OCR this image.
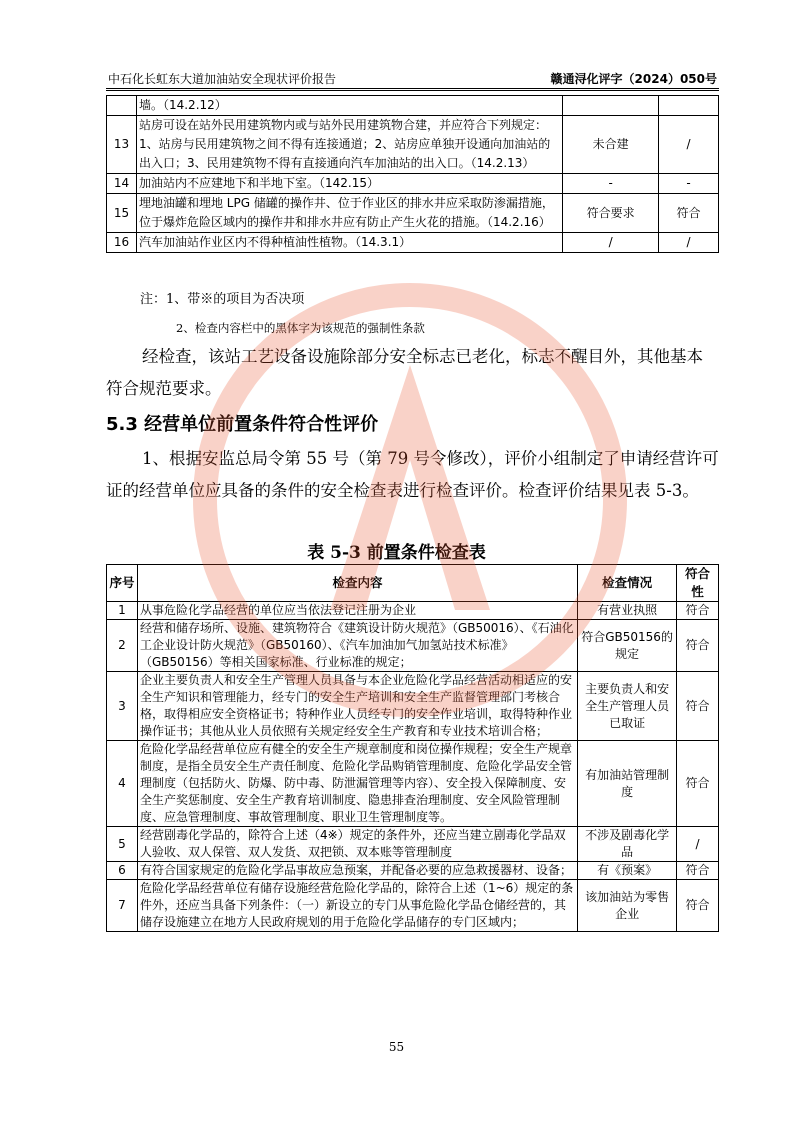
中石化长虹东大道加油站安全现状评价报告	赣通浔化评字（2024）050号
	墙。（14.2.12）		
13	站房可设在站外民用建筑物内或与站外民用建筑物合建，并应符合下列规定：1、站房与民用建筑物之间不得有连接通道；2、站房应单独开设通向加油站的出入口；3、民用建筑物不得有直接通向汽车加油站的出入口。（14.2.13）	未合建	/
14	加油站内不应建地下和半地下室。（142.15）	-	-
15	埋地油罐和埋地 LPG 储罐的操作井、位于作业区的排水井应采取防渗漏措施，位于爆炸危险区域内的操作井和排水井应有防止产生火花的措施。（14.2.16）	符合要求	符合
16	汽车加油站作业区内不得种植油性植物。（14.3.1）	/	/
注：1、带※的项目为否决项
2、检查内容栏中的黑体字为该规范的强制性条款
经检查，该站工艺设备设施除部分安全标志已老化，标志不醒目外，其他基本符合规范要求。
5.3 经营单位前置条件符合性评价
1、根据安监总局令第 55 号（第 79 号令修改），评价小组制定了申请经营许可证的经营单位应具备的条件的安全检查表进行检查评价。检查评价结果见表 5-3。
表 5-3 前置条件检查表
序号	检查内容	检查情况	符合性
1	从事危险化学品经营的单位应当依法登记注册为企业	有营业执照	符合
2	经营和储存场所、设施、建筑物符合《建筑设计防火规范》（GB50016）、《石油化工企业设计防火规范》（GB50160）、《汽车加油加气加氢站技术标准》（GB50156）等相关国家标准、行业标准的规定；	符合GB50156的规定	符合
3	企业主要负责人和安全生产管理人员具备与本企业危险化学品经营活动相适应的安全生产知识和管理能力，经专门的安全生产培训和安全生产监督管理部门考核合格，取得相应安全资格证书；特种作业人员经专门的安全作业培训，取得特种作业操作证书；其他从业人员依照有关规定经安全生产教育和专业技术培训合格；	主要负责人和安全生产管理人员已取证	符合
4	危险化学品经营单位应有健全的安全生产规章制度和岗位操作规程；安全生产规章制度，是指全员安全生产责任制度、危险化学品购销管理制度、危险化学品安全管理制度（包括防火、防爆、防中毒、防泄漏管理等内容）、安全投入保障制度、安全生产奖惩制度、安全生产教育培训制度、隐患排查治理制度、安全风险管理制度、应急管理制度、事故管理制度、职业卫生管理制度等。	有加油站管理制度	符合
5	经营剧毒化学品的，除符合上述（4※）规定的条件外，还应当建立剧毒化学品双人验收、双人保管、双人发货、双把锁、双本账等管理制度	不涉及剧毒化学品	/
6	有符合国家规定的危险化学品事故应急预案，并配备必要的应急救援器材、设备；	有《预案》	符合
7	危险化学品经营单位有储存设施经营危险化学品的，除符合上述（1~6）规定的条件外，还应当具备下列条件：（一）新设立的专门从事危险化学品仓储经营的，其储存设施建立在地方人民政府规划的用于危险化学品储存的专门区域内；	该加油站为零售企业	符合
55
